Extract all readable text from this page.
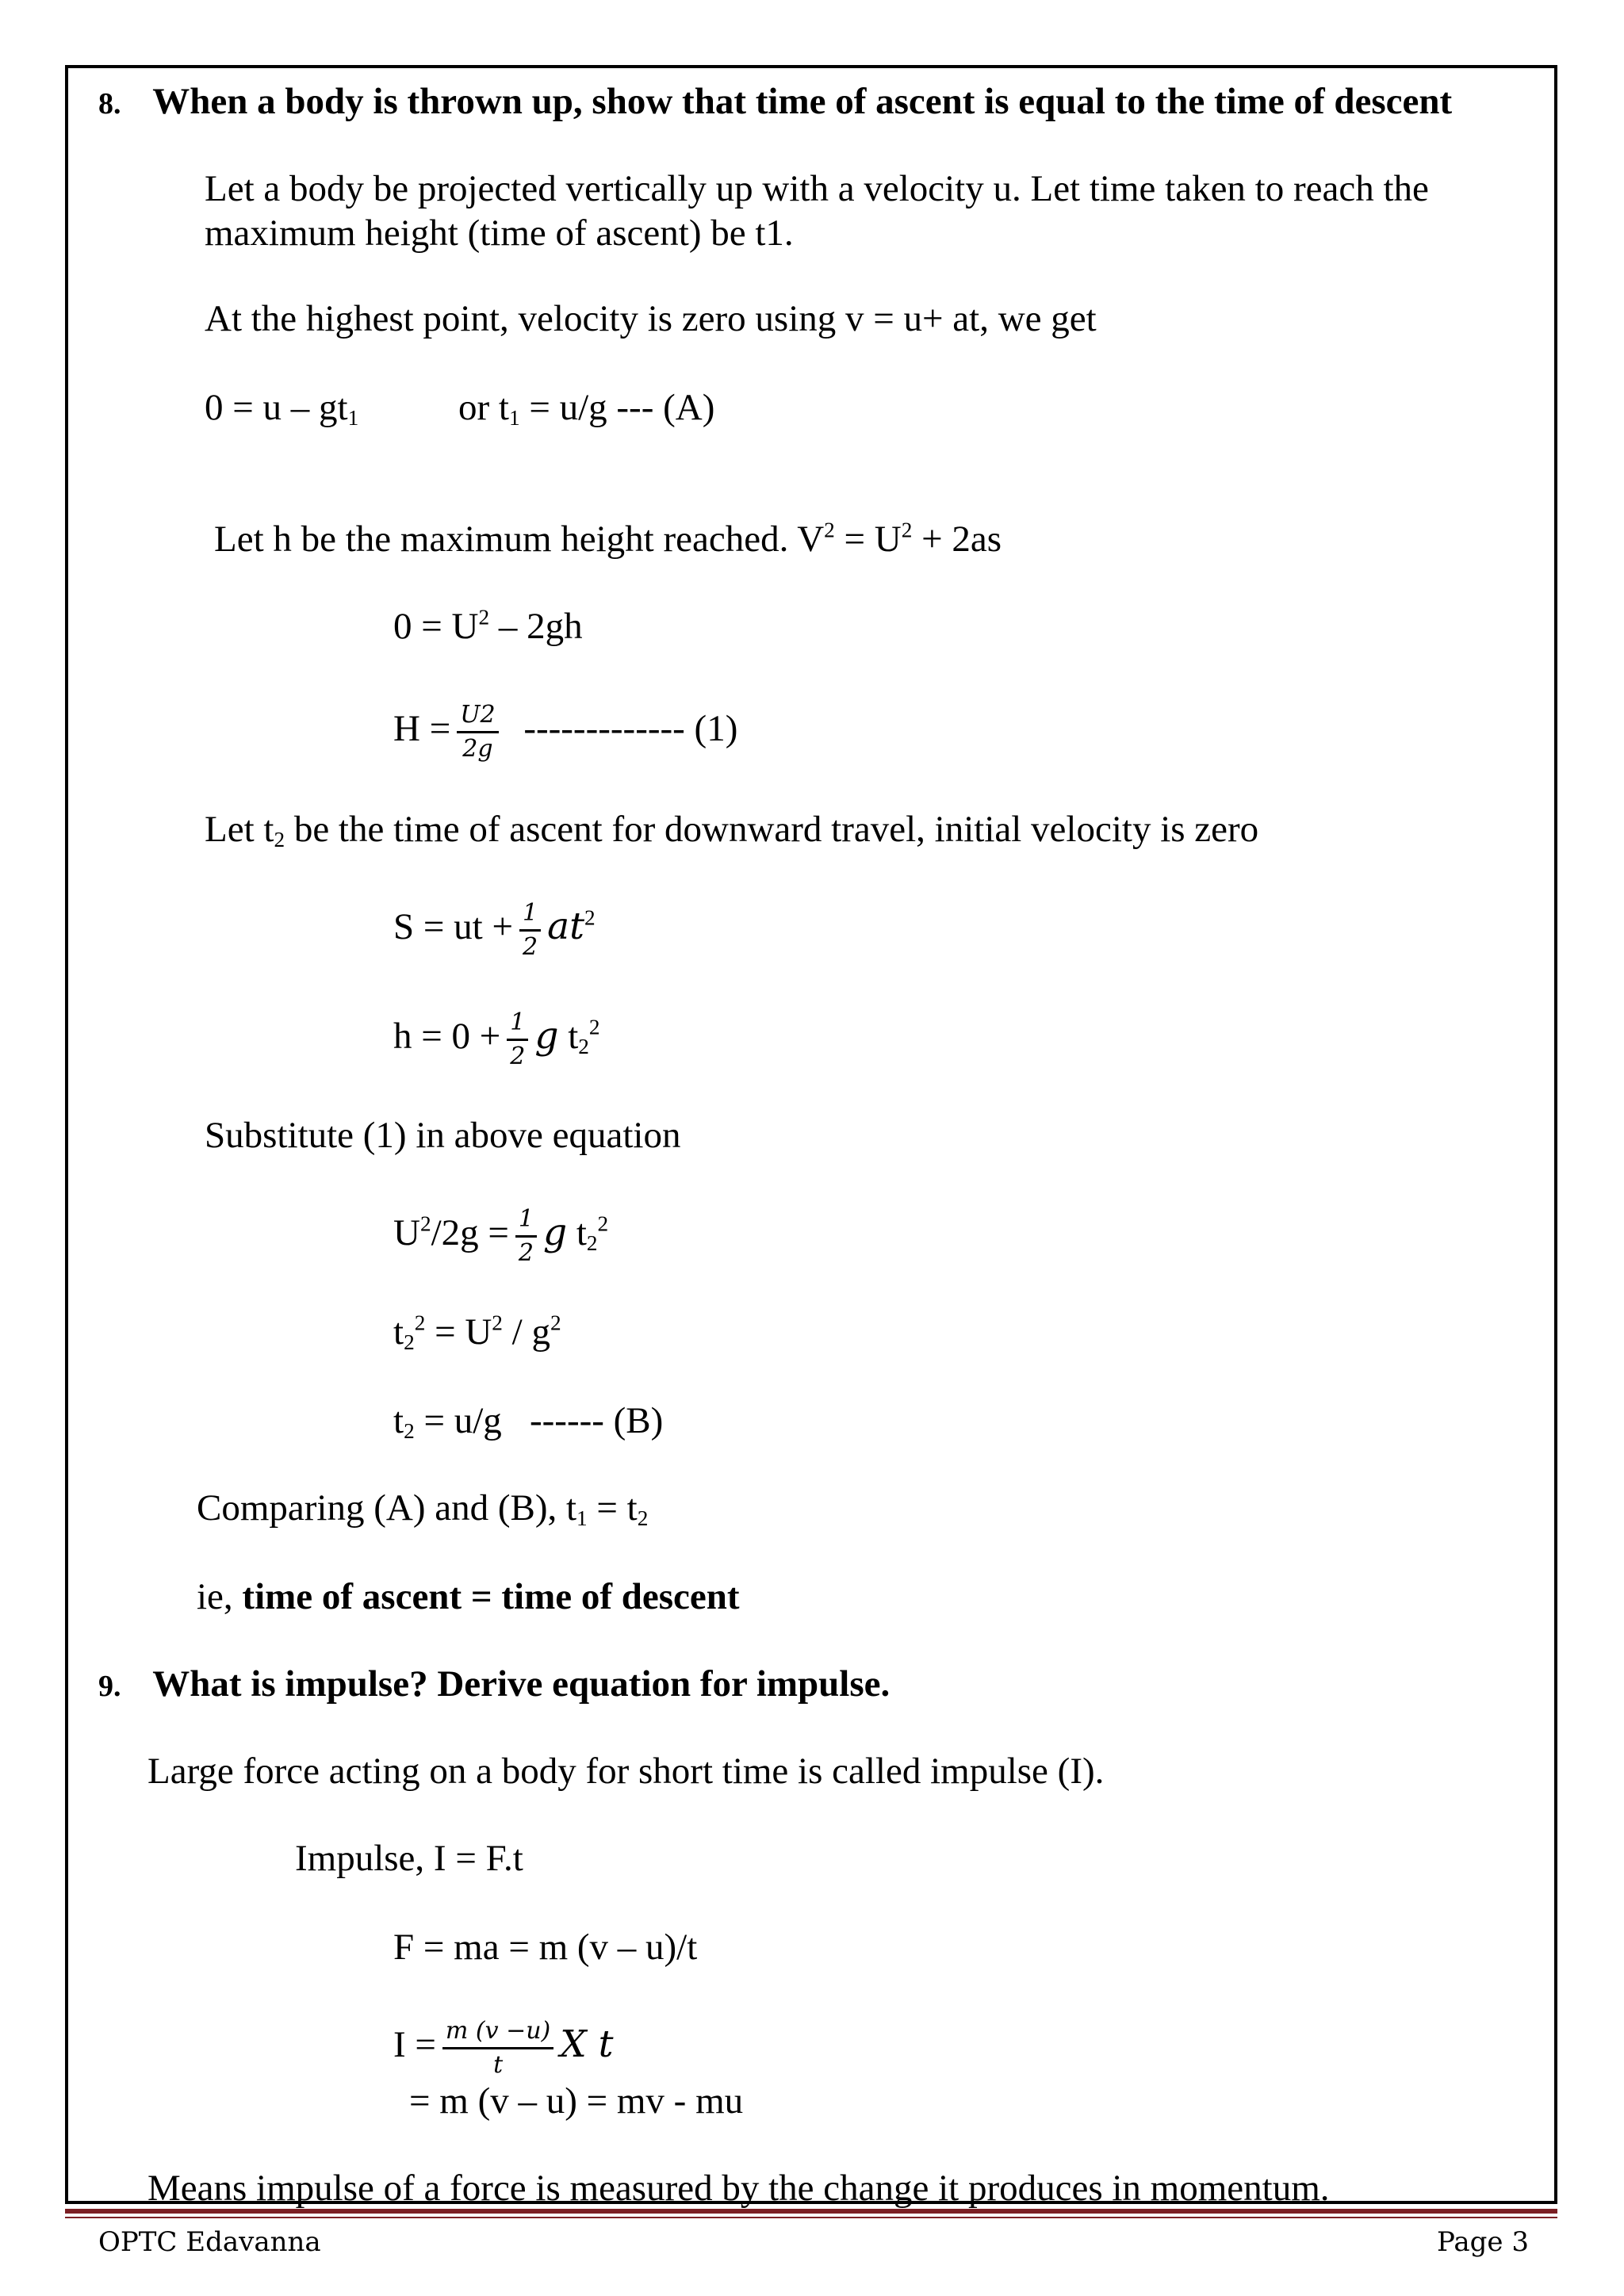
8. When a body is thrown up, show that time of ascent is equal to the time of descent
Let a body be projected vertically up with a velocity u. Let time taken to reach the
maximum height (time of ascent) be t1.
At the highest point, velocity is zero using v = u+ at, we get
$0 = u - gt_1$	or $t_1 = u/g$ --- (A)
Let h be the maximum height reached. $V^2 = U^2 + 2as$
$0 = U^2 - 2gh$
$H = \frac{U2}{2g}$ ------------- (1)
Let $t_2$ be the time of ascent for downward travel, initial velocity is zero
S = ut + $\frac{1}{2} at^2$
$h = 0 + \frac{1}{2}$ g $t_2^2$
Substitute (1) in above equation
$U^2/2g = \frac{1}{2}$ g $t_2^2$
$t_2^2 = U^2 / g^2$
$t_2 = u/g$   ------ (B)
Comparing (A) and (B), $t_1 = t_2$
ie, time of ascent = time of descent
9. What is impulse? Derive equation for impulse.
Large force acting on a body for short time is called impulse (I).
Impulse, I = F.t
F = ma = m (v – u)/t
$I = \frac{m (v -u)}{t}$ X t
= m (v – u) = mv - mu
Means impulse of a force is measured by the change it produces in momentum.
OPTC Edavanna	Page 3
